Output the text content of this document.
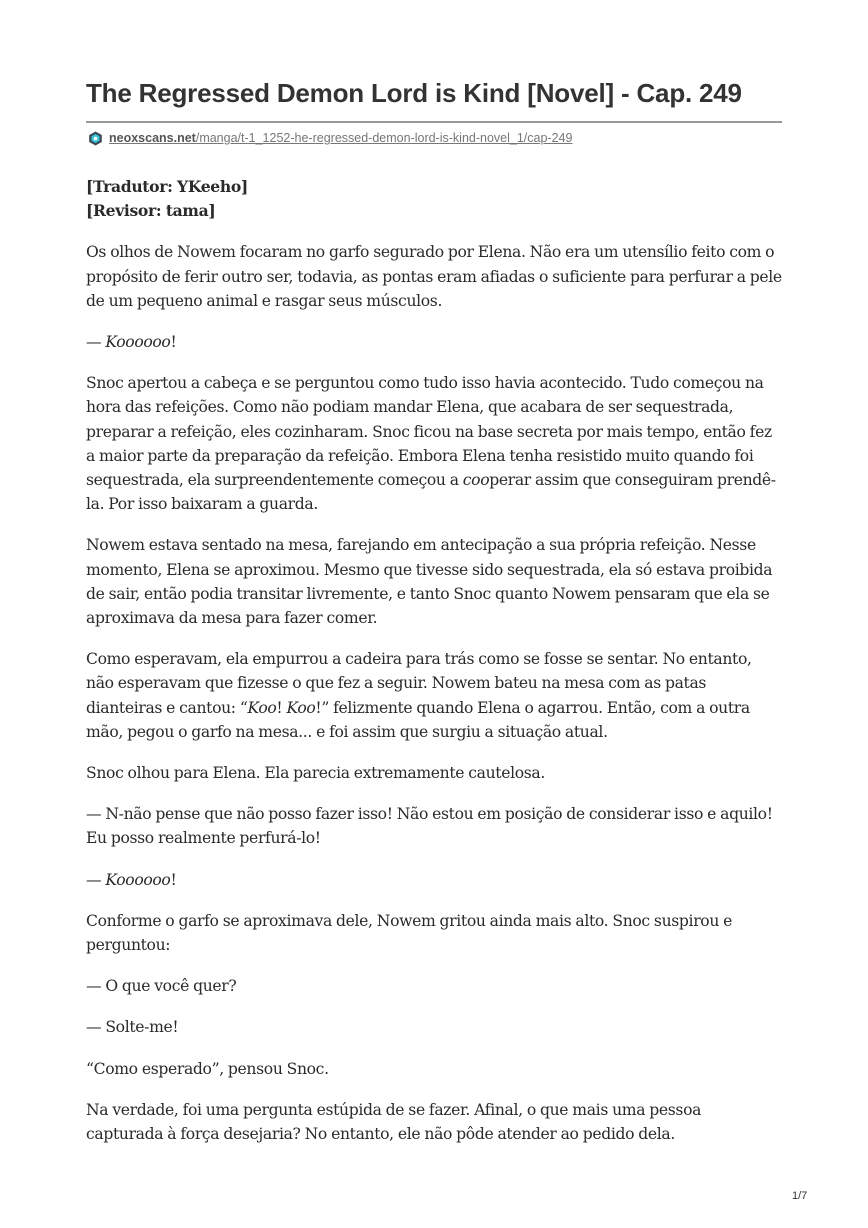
The Regressed Demon Lord is Kind [Novel] - Cap. 249
neoxscans.net/manga/t-1_1252-he-regressed-demon-lord-is-kind-novel_1/cap-249

[Tradutor: YKeeho]
[Revisor: tama]

Os olhos de Nowem focaram no garfo segurado por Elena. Não era um utensílio feito com o propósito de ferir outro ser, todavia, as pontas eram afiadas o suficiente para perfurar a pele de um pequeno animal e rasgar seus músculos.

— Koooooo!

Snoc apertou a cabeça e se perguntou como tudo isso havia acontecido. Tudo começou na hora das refeições. Como não podiam mandar Elena, que acabara de ser sequestrada, preparar a refeição, eles cozinharam. Snoc ficou na base secreta por mais tempo, então fez a maior parte da preparação da refeição. Embora Elena tenha resistido muito quando foi sequestrada, ela surpreendentemente começou a cooperar assim que conseguiram prendê-la. Por isso baixaram a guarda.

Nowem estava sentado na mesa, farejando em antecipação a sua própria refeição. Nesse momento, Elena se aproximou. Mesmo que tivesse sido sequestrada, ela só estava proibida de sair, então podia transitar livremente, e tanto Snoc quanto Nowem pensaram que ela se aproximava da mesa para fazer comer.

Como esperavam, ela empurrou a cadeira para trás como se fosse se sentar. No entanto, não esperavam que fizesse o que fez a seguir. Nowem bateu na mesa com as patas dianteiras e cantou: “Koo! Koo!” felizmente quando Elena o agarrou. Então, com a outra mão, pegou o garfo na mesa... e foi assim que surgiu a situação atual.

Snoc olhou para Elena. Ela parecia extremamente cautelosa.

— N-não pense que não posso fazer isso! Não estou em posição de considerar isso e aquilo! Eu posso realmente perfurá-lo!

— Koooooo!

Conforme o garfo se aproximava dele, Nowem gritou ainda mais alto. Snoc suspirou e perguntou:

— O que você quer?

— Solte-me!

“Como esperado”, pensou Snoc.

Na verdade, foi uma pergunta estúpida de se fazer. Afinal, o que mais uma pessoa capturada à força desejaria? No entanto, ele não pôde atender ao pedido dela.

1/7
